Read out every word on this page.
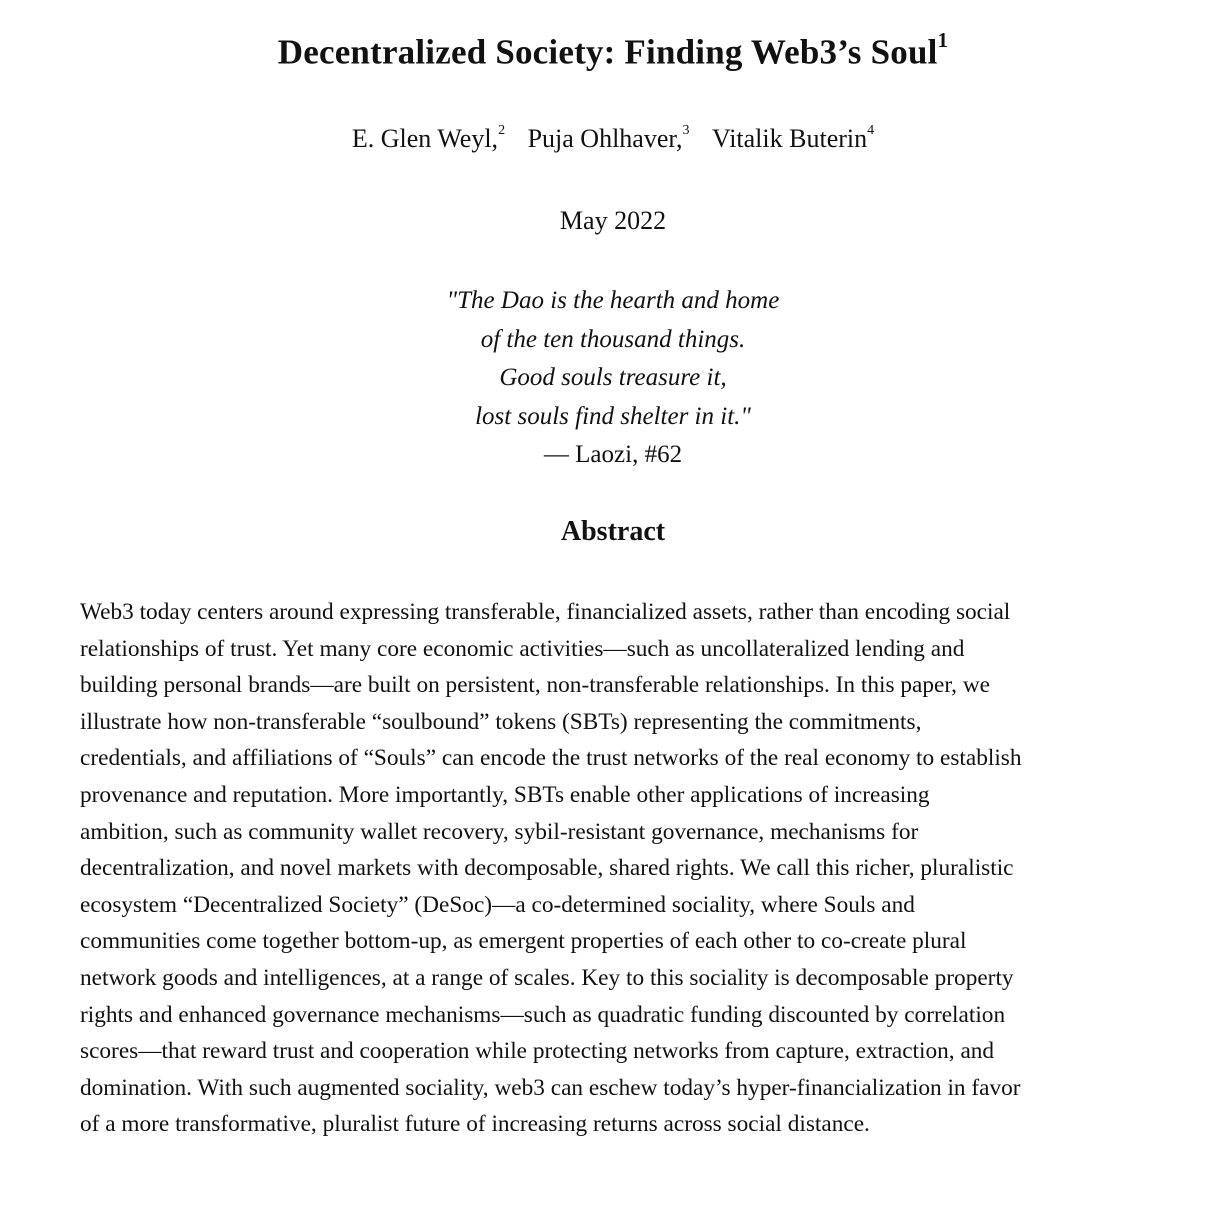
Decentralized Society: Finding Web3’s Soul$^1$
E. Glen Weyl,$^2$ Puja Ohlhaver,$^3$ Vitalik Buterin$^4$
May 2022
"The Dao is the hearth and home
of the ten thousand things.
Good souls treasure it,
lost souls find shelter in it."
— Laozi, #62
Abstract

Web3 today centers around expressing transferable, financialized assets, rather than encoding social
relationships of trust. Yet many core economic activities—such as uncollateralized lending and
building personal brands—are built on persistent, non-transferable relationships. In this paper, we
illustrate how non-transferable “soulbound” tokens (SBTs) representing the commitments,
credentials, and affiliations of “Souls” can encode the trust networks of the real economy to establish
provenance and reputation. More importantly, SBTs enable other applications of increasing
ambition, such as community wallet recovery, sybil-resistant governance, mechanisms for
decentralization, and novel markets with decomposable, shared rights. We call this richer, pluralistic
ecosystem “Decentralized Society” (DeSoc)—a co-determined sociality, where Souls and
communities come together bottom-up, as emergent properties of each other to co-create plural
network goods and intelligences, at a range of scales. Key to this sociality is decomposable property
rights and enhanced governance mechanisms—such as quadratic funding discounted by correlation
scores—that reward trust and cooperation while protecting networks from capture, extraction, and
domination. With such augmented sociality, web3 can eschew today’s hyper-financialization in favor
of a more transformative, pluralist future of increasing returns across social distance.
